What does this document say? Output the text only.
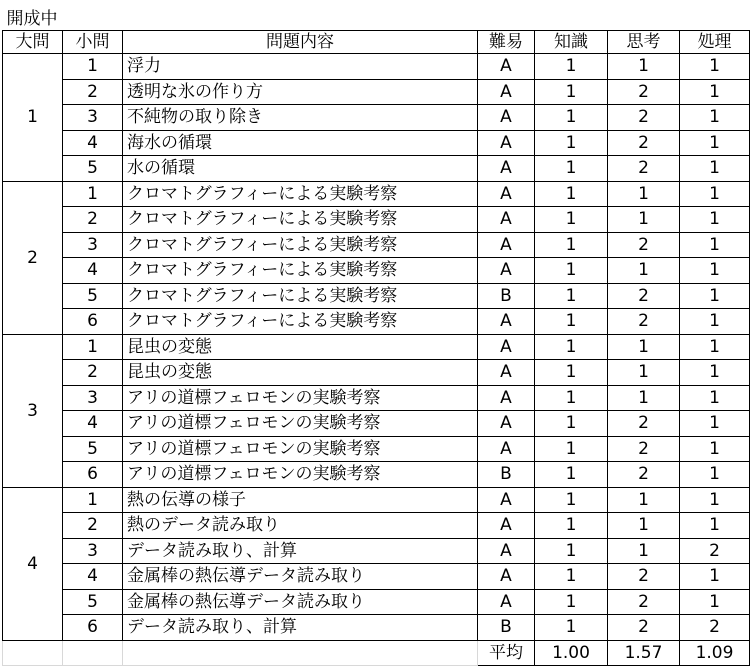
開成中						
大問	小問	問題内容	難易	知識	思考	処理
1	1	浮力	A	1	1	1
	2	透明な氷の作り方	A	1	2	1
	3	不純物の取り除き	A	1	2	1
	4	海水の循環	A	1	2	1
	5	水の循環	A	1	2	1
2	1	クロマトグラフィーによる実験考察	A	1	1	1
	2	クロマトグラフィーによる実験考察	A	1	1	1
	3	クロマトグラフィーによる実験考察	A	1	2	1
	4	クロマトグラフィーによる実験考察	A	1	1	1
	5	クロマトグラフィーによる実験考察	B	1	2	1
	6	クロマトグラフィーによる実験考察	A	1	2	1
3	1	昆虫の変態	A	1	1	1
	2	昆虫の変態	A	1	1	1
	3	アリの道標フェロモンの実験考察	A	1	1	1
	4	アリの道標フェロモンの実験考察	A	1	2	1
	5	アリの道標フェロモンの実験考察	A	1	2	1
	6	アリの道標フェロモンの実験考察	B	1	2	1
4	1	熱の伝導の様子	A	1	1	1
	2	熱のデータ読み取り	A	1	1	1
	3	データ読み取り、計算	A	1	1	2
	4	金属棒の熱伝導データ読み取り	A	1	2	1
	5	金属棒の熱伝導データ読み取り	A	1	2	1
	6	データ読み取り、計算	B	1	2	2
			平均	1.00	1.57	1.09
